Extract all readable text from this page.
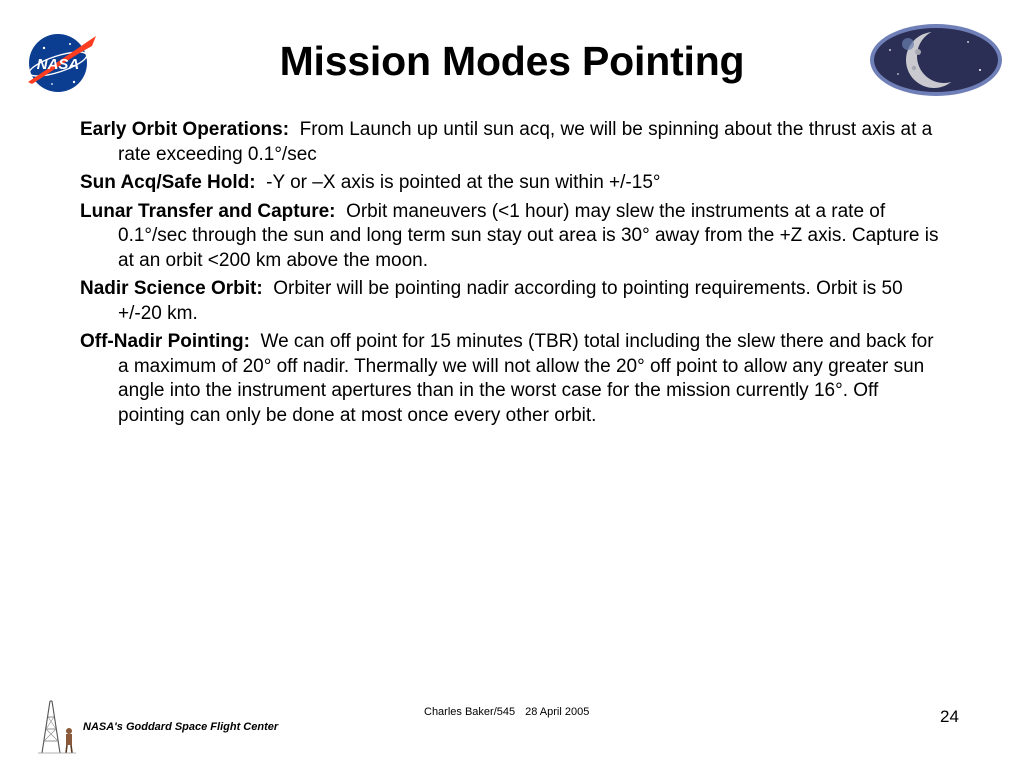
NASA	Mission Modes Pointing
Early Orbit Operations: From Launch up until sun acq, we will be spinning about the thrust axis at a rate exceeding 0.1°/sec
Sun Acq/Safe Hold: -Y or –X axis is pointed at the sun within +/-15°
Lunar Transfer and Capture: Orbit maneuvers (<1 hour) may slew the instruments at a rate of 0.1°/sec through the sun and long term sun stay out area is 30° away from the +Z axis. Capture is at an orbit <200 km above the moon.
Nadir Science Orbit: Orbiter will be pointing nadir according to pointing requirements. Orbit is 50 +/-20 km.
Off-Nadir Pointing: We can off point for 15 minutes (TBR) total including the slew there and back for a maximum of 20° off nadir. Thermally we will not allow the 20° off point to allow any greater sun angle into the instrument apertures than in the worst case for the mission currently 16°. Off pointing can only be done at most once every other orbit.
Charles Baker/545 28 April 2005	24
NASA's Goddard Space Flight Center
